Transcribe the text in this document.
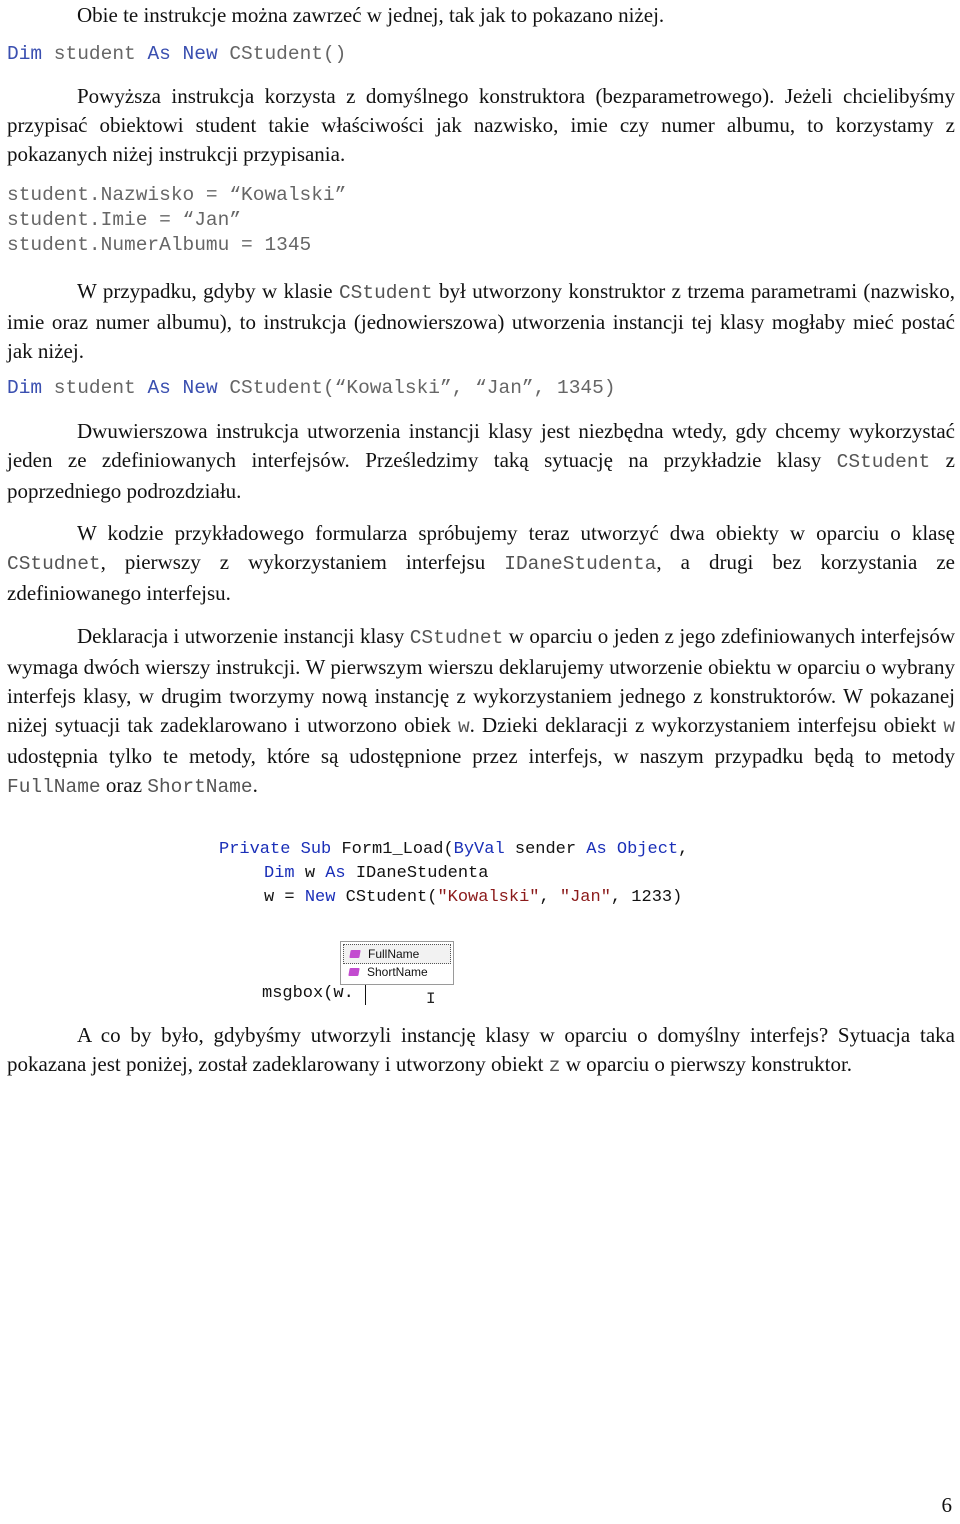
Obie te instrukcje można zawrzeć w jednej, tak jak to pokazano niżej.

Dim student As New CStudent()

Powyższa instrukcja korzysta z domyślnego konstruktora (bezparametrowego). Jeżeli chcielibyśmy przypisać obiektowi student takie właściwości jak nazwisko, imie czy numer albumu, to korzystamy z pokazanych niżej instrukcji przypisania.

student.Nazwisko = “Kowalski”
student.Imie = “Jan”
student.NumerAlbumu = 1345

W przypadku, gdyby w klasie CStudent był utworzony konstruktor z trzema parametrami (nazwisko, imie oraz numer albumu), to instrukcja (jednowierszowa) utworzenia instancji tej klasy mogłaby mieć postać jak niżej.

Dim student As New CStudent(“Kowalski”, “Jan”, 1345)

Dwuwierszowa instrukcja utworzenia instancji klasy jest niezbędna wtedy, gdy chcemy wykorzystać jeden ze zdefiniowanych interfejsów. Prześledzimy taką sytuację na przykładzie klasy CStudent z poprzedniego podrozdziału.

W kodzie przykładowego formularza spróbujemy teraz utworzyć dwa obiekty w oparciu o klasę CStudnet, pierwszy z wykorzystaniem interfejsu IDaneStudenta, a drugi bez korzystania ze zdefiniowanego interfejsu.

Deklaracja i utworzenie instancji klasy CStudnet w oparciu o jeden z jego zdefiniowanych interfejsów wymaga dwóch wierszy instrukcji. W pierwszym wierszu deklarujemy utworzenie obiektu w oparciu o wybrany interfejs klasy, w drugim tworzymy nową instancję z wykorzystaniem jednego z konstruktorów. W pokazanej niżej sytuacji tak zadeklarowano i utworzono obiek w. Dzieki deklaracji z wykorzystaniem interfejsu obiekt w udostępnia tylko te metody, które są udostępnione przez interfejs, w naszym przypadku będą to metody FullName oraz ShortName.

A co by było, gdybyśmy utworzyli instancję klasy w oparciu o domyślny interfejs? Sytuacja taka pokazana jest poniżej, został zadeklarowany i utworzony obiekt z w oparciu o pierwszy konstruktor.

Private Sub Form1_Load(ByVal sender As Object,
Dim w As IDaneStudenta
w = New CStudent("Kowalski", "Jan", 1233)
FullName
ShortName
msgbox(w.	I
6
